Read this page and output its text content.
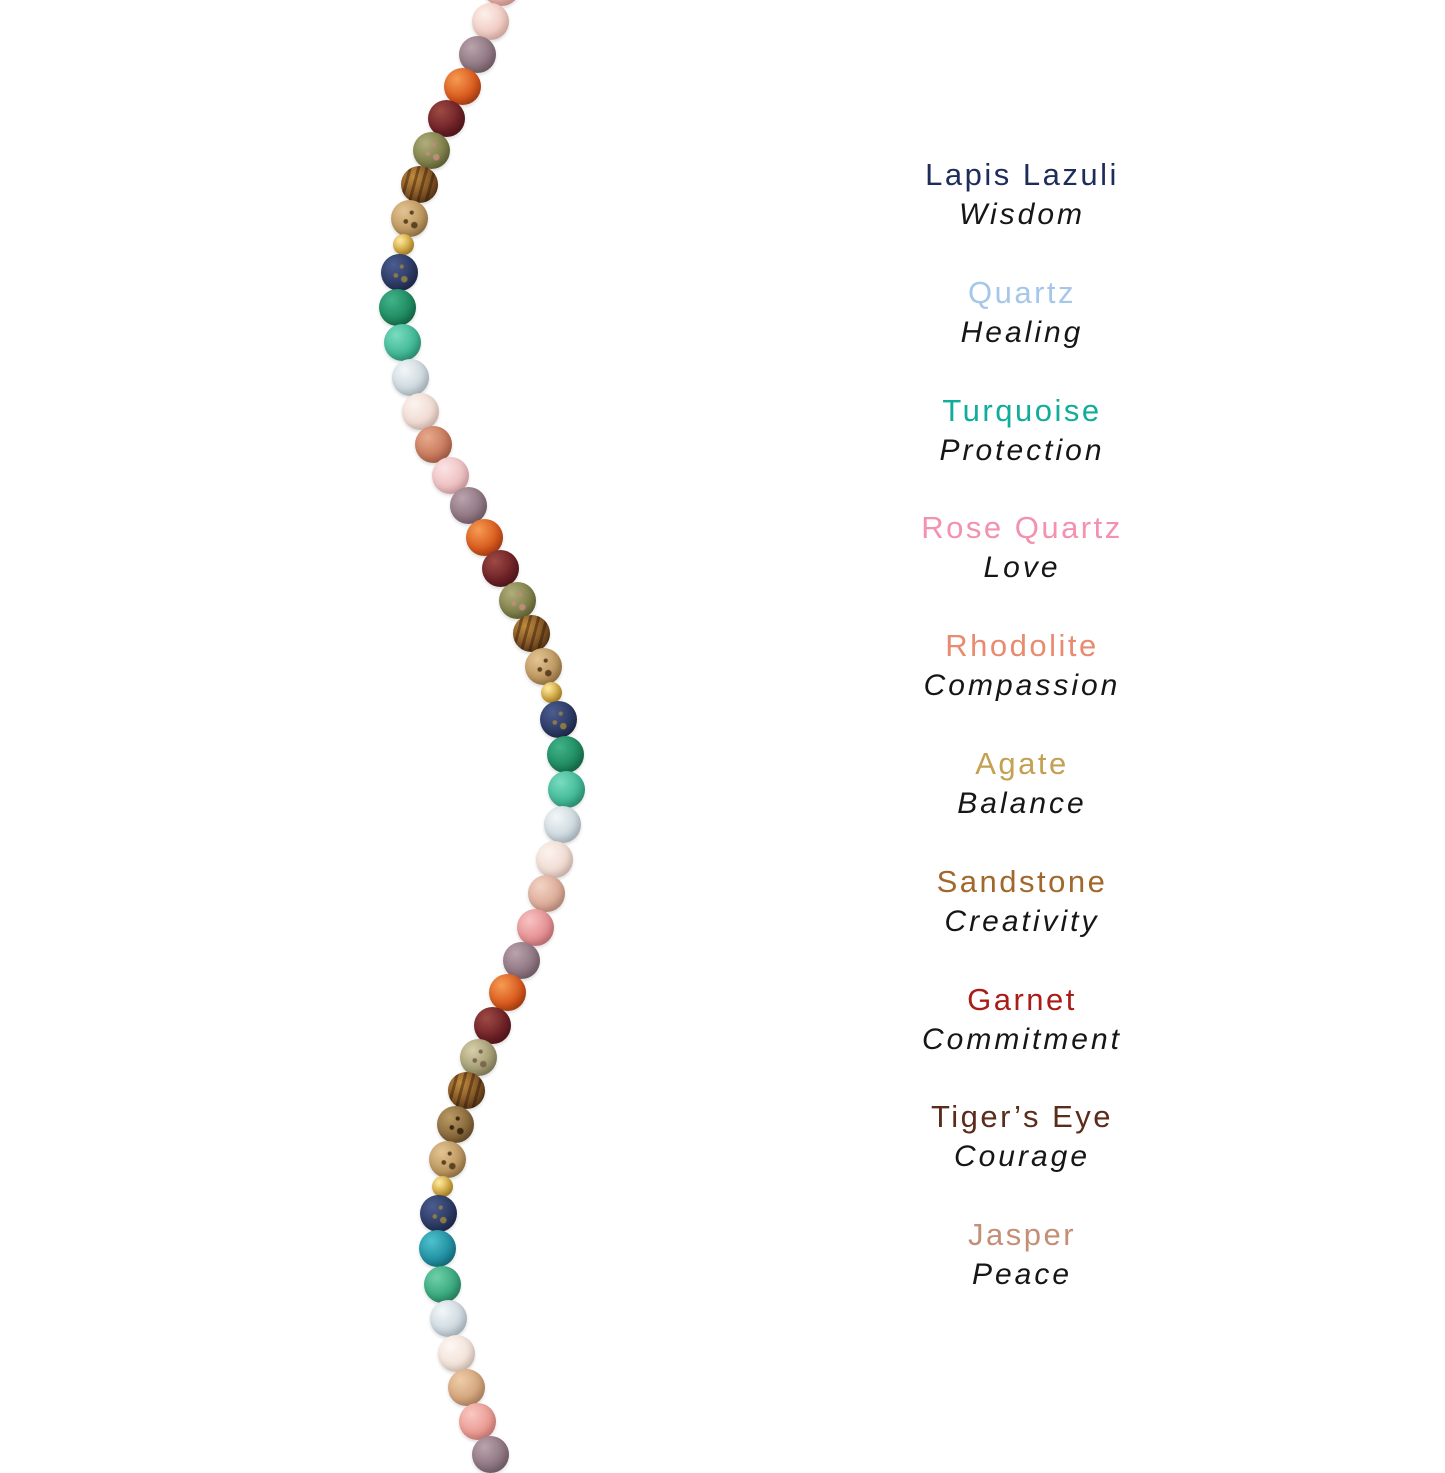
Lapis Lazuli
Wisdom
Quartz
Healing
Turquoise
Protection
Rose Quartz
Love
Rhodolite
Compassion
Agate
Balance
Sandstone
Creativity
Garnet
Commitment
Tiger’s Eye
Courage
Jasper
Peace
